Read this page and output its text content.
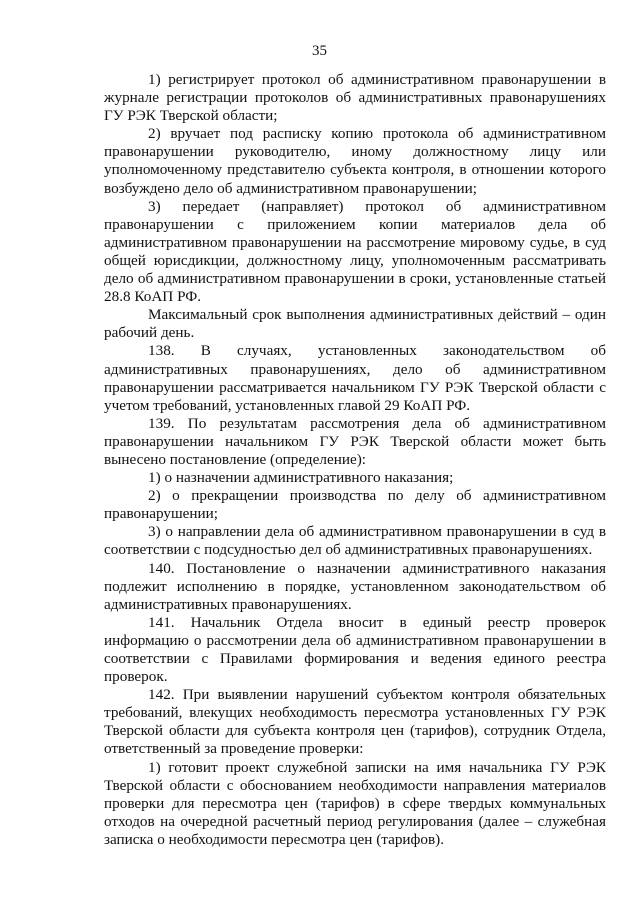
35

1) регистрирует протокол об административном правонарушении в журнале регистрации протоколов об административных правонарушениях ГУ РЭК Тверской области;

2) вручает под расписку копию протокола об административном правонарушении руководителю, иному должностному лицу или уполномоченному представителю субъекта контроля, в отношении которого возбуждено дело об административном правонарушении;

3) передает (направляет) протокол об административном правонарушении с приложением копии материалов дела об административном правонарушении на рассмотрение мировому судье, в суд общей юрисдикции, должностному лицу, уполномоченным рассматривать дело об административном правонарушении в сроки, установленные статьей 28.8 КоАП РФ.

Максимальный срок выполнения административных действий – один рабочий день.

138. В случаях, установленных законодательством об административных правонарушениях, дело об административном правонарушении рассматривается начальником ГУ РЭК Тверской области с учетом требований, установленных главой 29 КоАП РФ.

139. По результатам рассмотрения дела об административном правонарушении начальником ГУ РЭК Тверской области может быть вынесено постановление (определение):

1) о назначении административного наказания;

2) о прекращении производства по делу об административном правонарушении;

3) о направлении дела об административном правонарушении в суд в соответствии с подсудностью дел об административных правонарушениях.

140. Постановление о назначении административного наказания подлежит исполнению в порядке, установленном законодательством об административных правонарушениях.

141. Начальник Отдела вносит в единый реестр проверок информацию о рассмотрении дела об административном правонарушении в соответствии с Правилами формирования и ведения единого реестра проверок.

142. При выявлении нарушений субъектом контроля обязательных требований, влекущих необходимость пересмотра установленных ГУ РЭК Тверской области для субъекта контроля цен (тарифов), сотрудник Отдела, ответственный за проведение проверки:

1) готовит проект служебной записки на имя начальника ГУ РЭК Тверской области с обоснованием необходимости направления материалов проверки для пересмотра цен (тарифов) в сфере твердых коммунальных отходов на очередной расчетный период регулирования (далее – служебная записка о необходимости пересмотра цен (тарифов).
